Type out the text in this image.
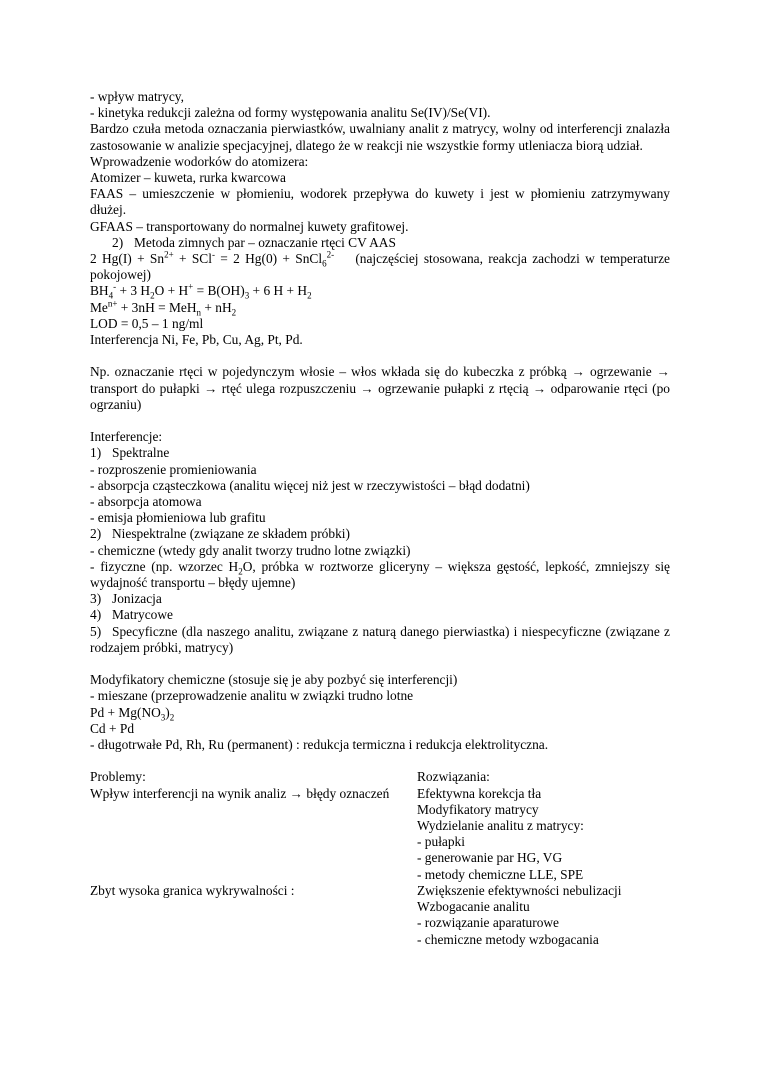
- wpływ matrycy,
- kinetyka redukcji zależna od formy występowania analitu Se(IV)/Se(VI).
Bardzo czuła metoda oznaczania pierwiastków, uwalniany analit z matrycy, wolny od interferencji znalazła zastosowanie w analizie specjacyjnej, dlatego że w reakcji nie wszystkie formy utleniacza biorą udział.
Wprowadzenie wodorków do atomizera:
Atomizer – kuweta, rurka kwarcowa
FAAS – umieszczenie w płomieniu, wodorek przepływa do kuwety i jest w płomieniu zatrzymywany dłużej.
GFAAS – transportowany do normalnej kuwety grafitowej.
2) Metoda zimnych par – oznaczanie rtęci CV AAS
2 $Hg(I) + Sn^{2+} + SCl^- = 2$ Hg(0) + SnCl$_6^{2-}$ (najczęściej stosowana, reakcja zachodzi w temperaturze pokojowej)
$BH_4^- + 3$ $H_2O + H^+ = B(OH)_3 + 6$ $H + H_2$
$Me^{n+} + 3nH = MeH_n + nH_2$
LOD = 0,5 – 1 ng/ml
Interferencja Ni, Fe, Pb, Cu, Ag, Pt, Pd.
Np. oznaczanie rtęci w pojedynczym włosie – włos wkłada się do kubeczka z próbką → ogrzewanie → transport do pułapki → rtęć ulega rozpuszczeniu → ogrzewanie pułapki z rtęcią → odparowanie rtęci (po ogrzaniu)
Interferencje:
1) Spektralne
- rozproszenie promieniowania
- absorpcja cząsteczkowa (analitu więcej niż jest w rzeczywistości – błąd dodatni)
- absorpcja atomowa
- emisja płomieniowa lub grafitu
2) Niespektralne (związane ze składem próbki)
- chemiczne (wtedy gdy analit tworzy trudno lotne związki)
- fizyczne (np. wzorzec $H_2O$, próbka w roztworze gliceryny – większa gęstość, lepkość, zmniejszy się wydajność transportu – błędy ujemne)
3) Jonizacja
4) Matrycowe
5) Specyficzne (dla naszego analitu, związane z naturą danego pierwiastka) i niespecyficzne (związane z rodzajem próbki, matrycy)
Modyfikatory chemiczne (stosuje się je aby pozbyć się interferencji)
- mieszane (przeprowadzenie analitu w związki trudno lotne
$Pd + Mg(NO_3)_2$
Cd + Pd
- długotrwałe Pd, Rh, Ru (permanent) : redukcja termiczna i redukcja elektrolityczna.
Problemy:	Rozwiązania:
Wpływ interferencji na wynik analiz → błędy oznaczeń	Efektywna korekcja tła
Modyfikatory matrycy
Wydzielanie analitu z matrycy:
- pułapki
- generowanie par HG, VG
- metody chemiczne LLE, SPE
Zbyt wysoka granica wykrywalności :	Zwiększenie efektywności nebulizacji
Wzbogacanie analitu
- rozwiązanie aparaturowe
- chemiczne metody wzbogacania
